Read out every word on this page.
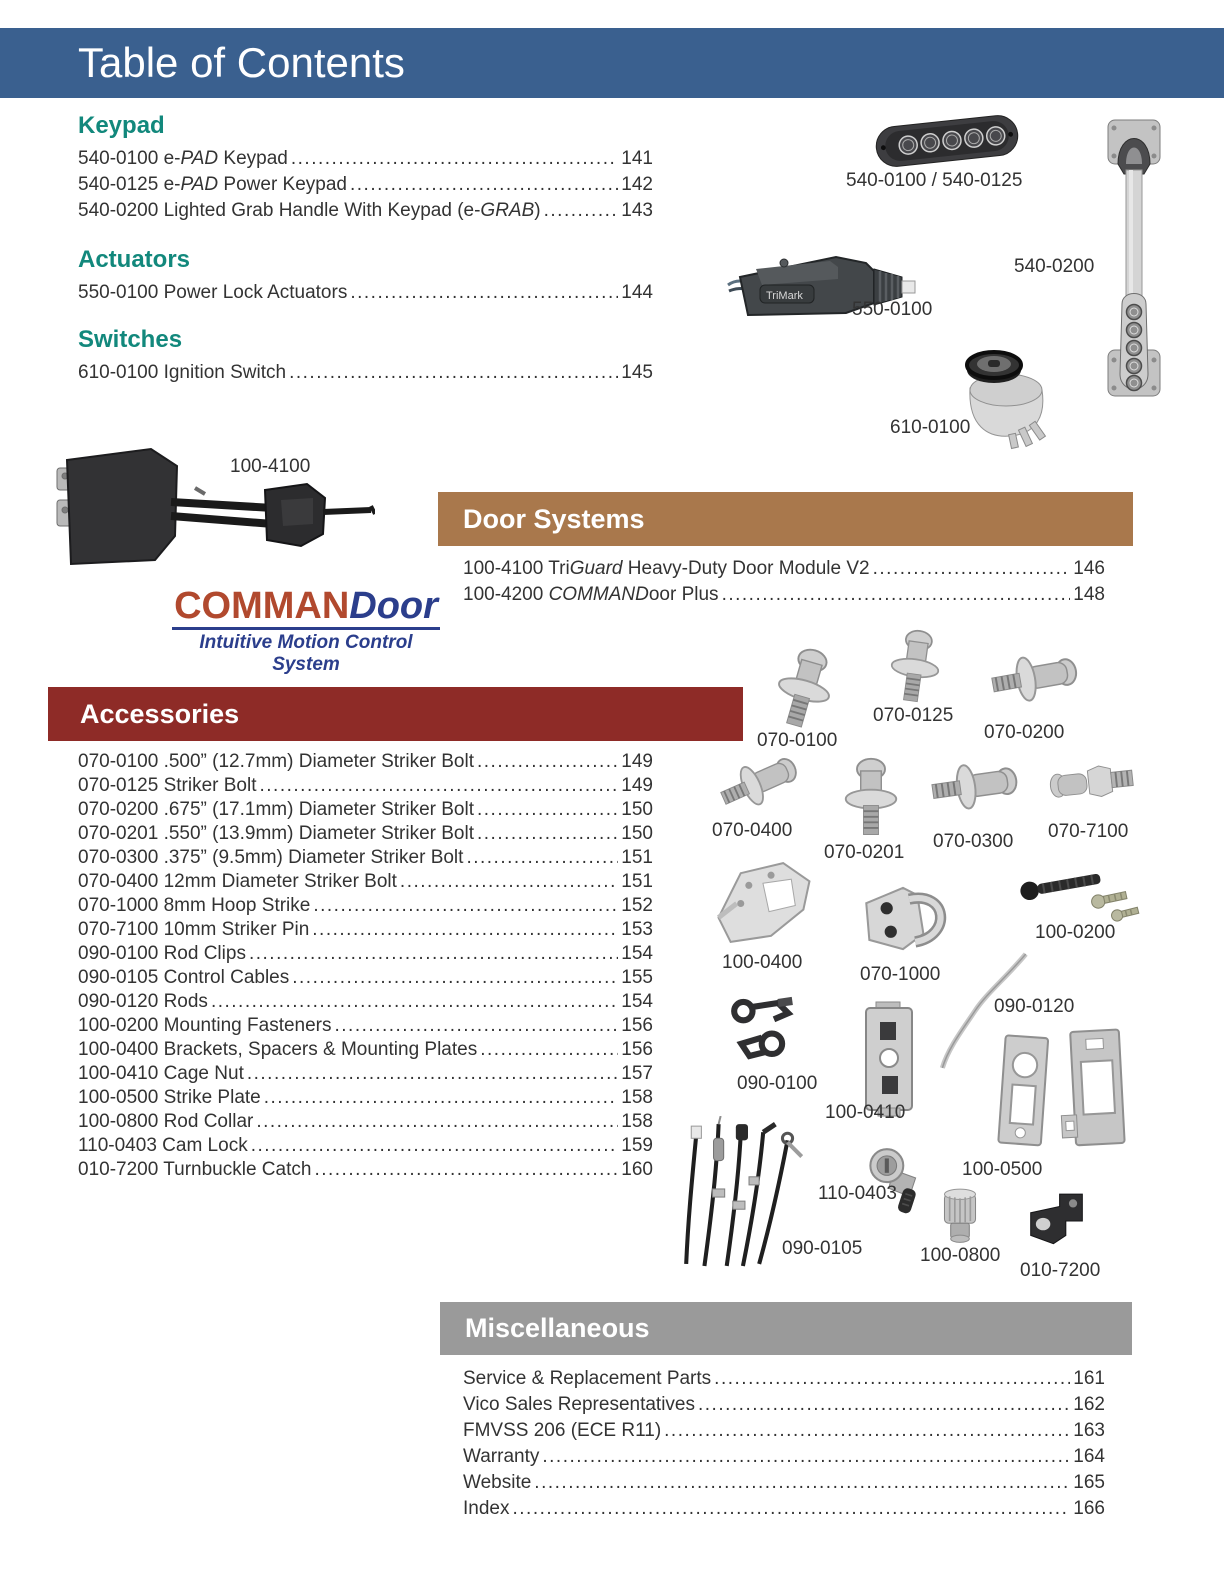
Table of Contents
Keypad
540-0100 e-PAD Keypad .....	141
540-0125 e-PAD Power Keypad .....	142
540-0200 Lighted Grab Handle With Keypad (e-GRAB) .....	143
Actuators
550-0100 Power Lock Actuators .....	144
Switches
610-0100 Ignition Switch .....	145
Door Systems
100-4100 TriGuard Heavy-Duty Door Module V2 .....	146
100-4200 COMMANDoor Plus .....	148
Accessories
070-0100 .500” (12.7mm) Diameter Striker Bolt .....	149
070-0125 Striker Bolt .....	149
070-0200 .675” (17.1mm) Diameter Striker Bolt .....	150
070-0201 .550” (13.9mm) Diameter Striker Bolt .....	150
070-0300 .375” (9.5mm) Diameter Striker Bolt .....	151
070-0400 12mm Diameter Striker Bolt .....	151
070-1000 8mm Hoop Strike .....	152
070-7100 10mm Striker Pin .....	153
090-0100 Rod Clips .....	154
090-0105 Control Cables .....	155
090-0120 Rods .....	154
100-0200 Mounting Fasteners .....	156
100-0400 Brackets, Spacers & Mounting Plates .....	156
100-0410 Cage Nut .....	157
100-0500 Strike Plate .....	158
100-0800 Rod Collar .....	158
110-0403 Cam Lock .....	159
010-7200 Turnbuckle Catch .....	160
Miscellaneous
Service & Replacement Parts .....	161
Vico Sales Representatives .....	162
FMVSS 206 (ECE R11) .....	163
Warranty .....	164
Website .....	165
Index .....	166
COMMANDoor
Intuitive Motion Control System
540-0100 / 540-0125
540-0200
TriMark
550-0100
610-0100
100-4100
070-0100
070-0125
070-0200
070-0400
070-0201
070-0300 070-7100
100-0400
070-1000
100-0200
090-0100
100-0410
090-0120
100-0500
090-0105
110-0403
100-0800
010-7200
